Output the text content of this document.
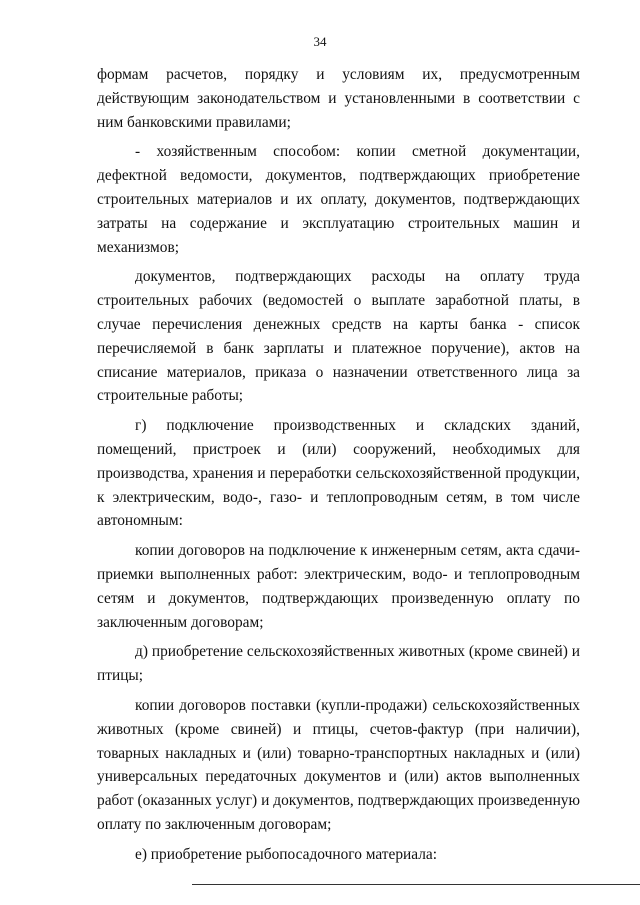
34

формам расчетов, порядку и условиям их, предусмотренным действующим законодательством и установленными в соответствии с ним банковскими правилами;

- хозяйственным способом: копии сметной документации, дефектной ведомости, документов, подтверждающих приобретение строительных материалов и их оплату, документов, подтверждающих затраты на содержание и эксплуатацию строительных машин и механизмов;

документов, подтверждающих расходы на оплату труда строительных рабочих (ведомостей о выплате заработной платы, в случае перечисления денежных средств на карты банка - список перечисляемой в банк зарплаты и платежное поручение), актов на списание материалов, приказа о назначении ответственного лица за строительные работы;

г) подключение производственных и складских зданий, помещений, пристроек и (или) сооружений, необходимых для производства, хранения и переработки сельскохозяйственной продукции, к электрическим, водо-, газо- и теплопроводным сетям, в том числе автономным:

копии договоров на подключение к инженерным сетям, акта сдачи-приемки выполненных работ: электрическим, водо- и теплопроводным сетям и документов, подтверждающих произведенную оплату по заключенным договорам;

д) приобретение сельскохозяйственных животных (кроме свиней) и птицы;

копии договоров поставки (купли-продажи) сельскохозяйственных животных (кроме свиней) и птицы, счетов-фактур (при наличии), товарных накладных и (или) товарно-транспортных накладных и (или) универсальных передаточных документов и (или) актов выполненных работ (оказанных услуг) и документов, подтверждающих произведенную оплату по заключенным договорам;

е) приобретение рыбопосадочного материала:
